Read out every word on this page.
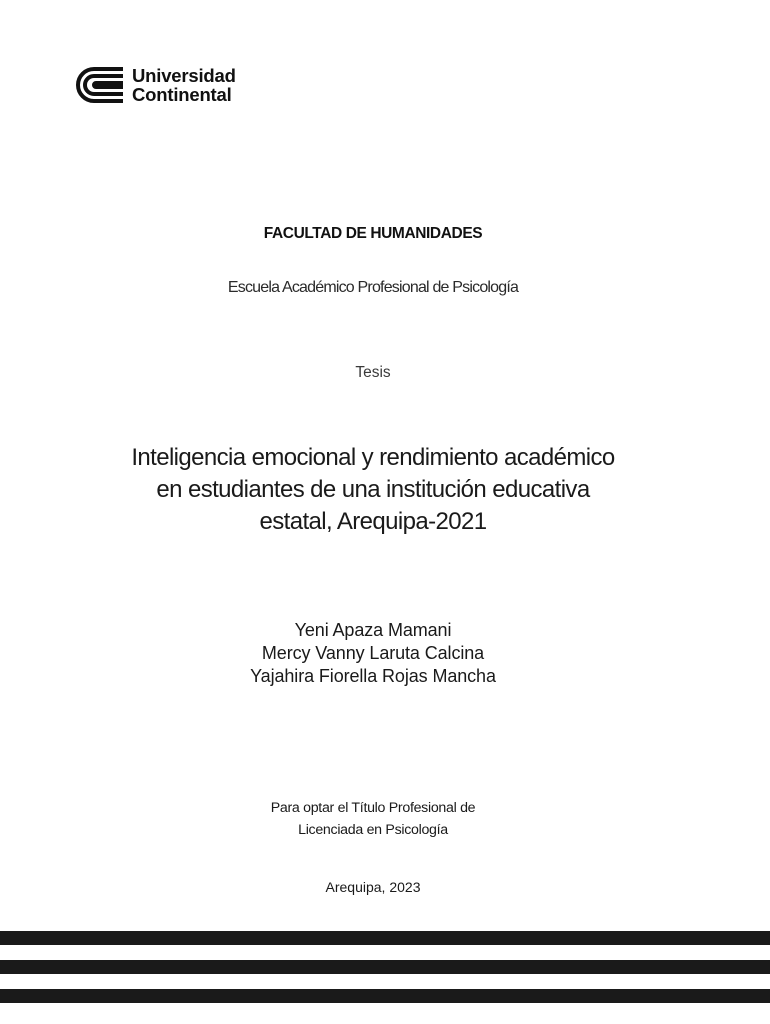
Universidad
Continental
FACULTAD DE HUMANIDADES
Escuela Académico Profesional de Psicología
Tesis
Inteligencia emocional y rendimiento académico
en estudiantes de una institución educativa
estatal, Arequipa-2021
Yeni Apaza Mamani
Mercy Vanny Laruta Calcina
Yajahira Fiorella Rojas Mancha
Para optar el Título Profesional de
Licenciada en Psicología
Arequipa, 2023
